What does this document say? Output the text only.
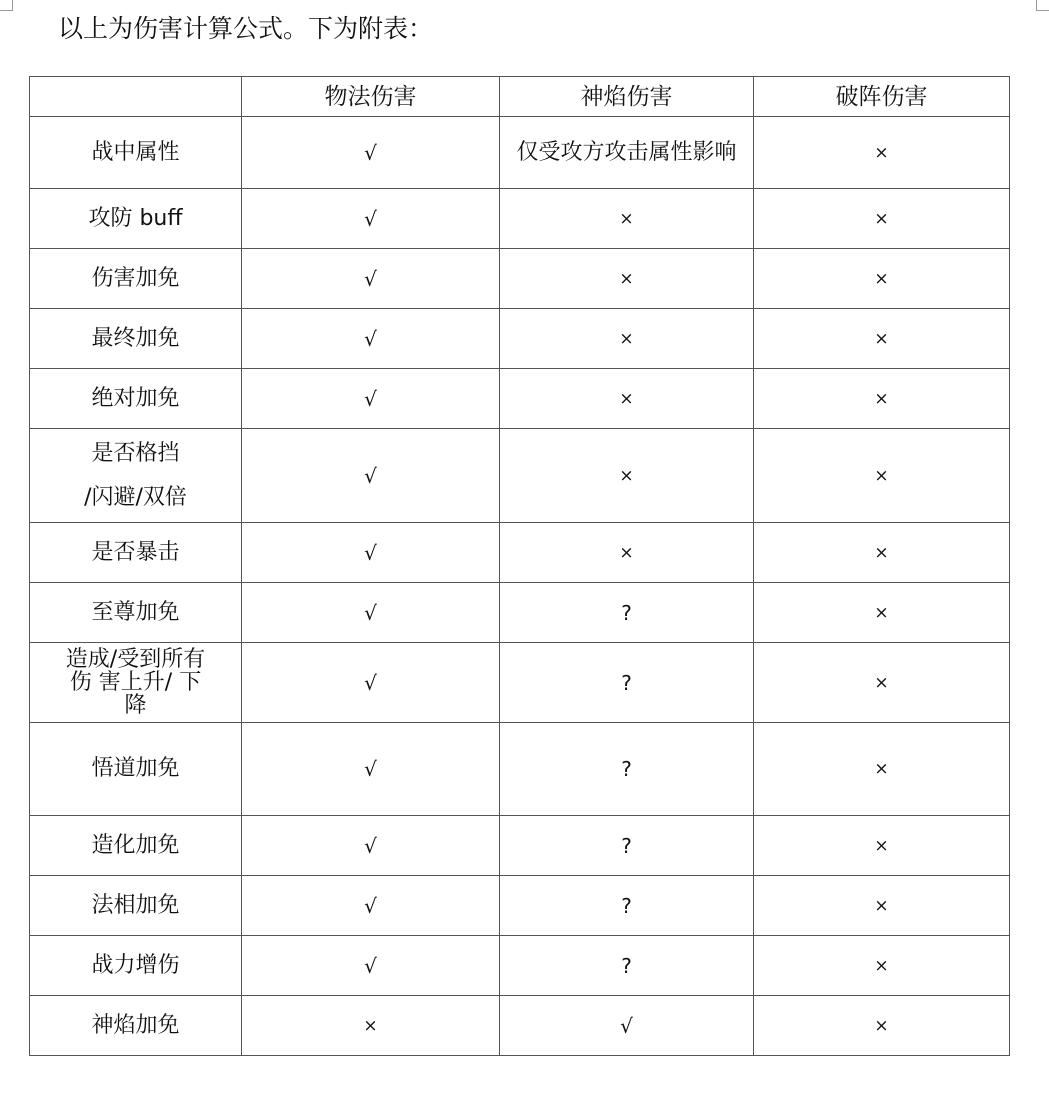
以上为伤害计算公式。下为附表：
	物法伤害	神焰伤害	破阵伤害
战中属性	√	仅受攻方攻击属性影响	×
攻防 buff	√	×	×
伤害加免	√	×	×
最终加免	√	×	×
绝对加免	√	×	×

是否格挡
/闪避/双倍	√	×	×
是否暴击	√	×	×
至尊加免	√	?	×

造成/受到所有
伤 害上升/ 下
降	√	?	×
悟道加免	√	?	×
造化加免	√	?	×
法相加免	√	?	×
战力增伤	√	?	×
神焰加免	×	√	×
